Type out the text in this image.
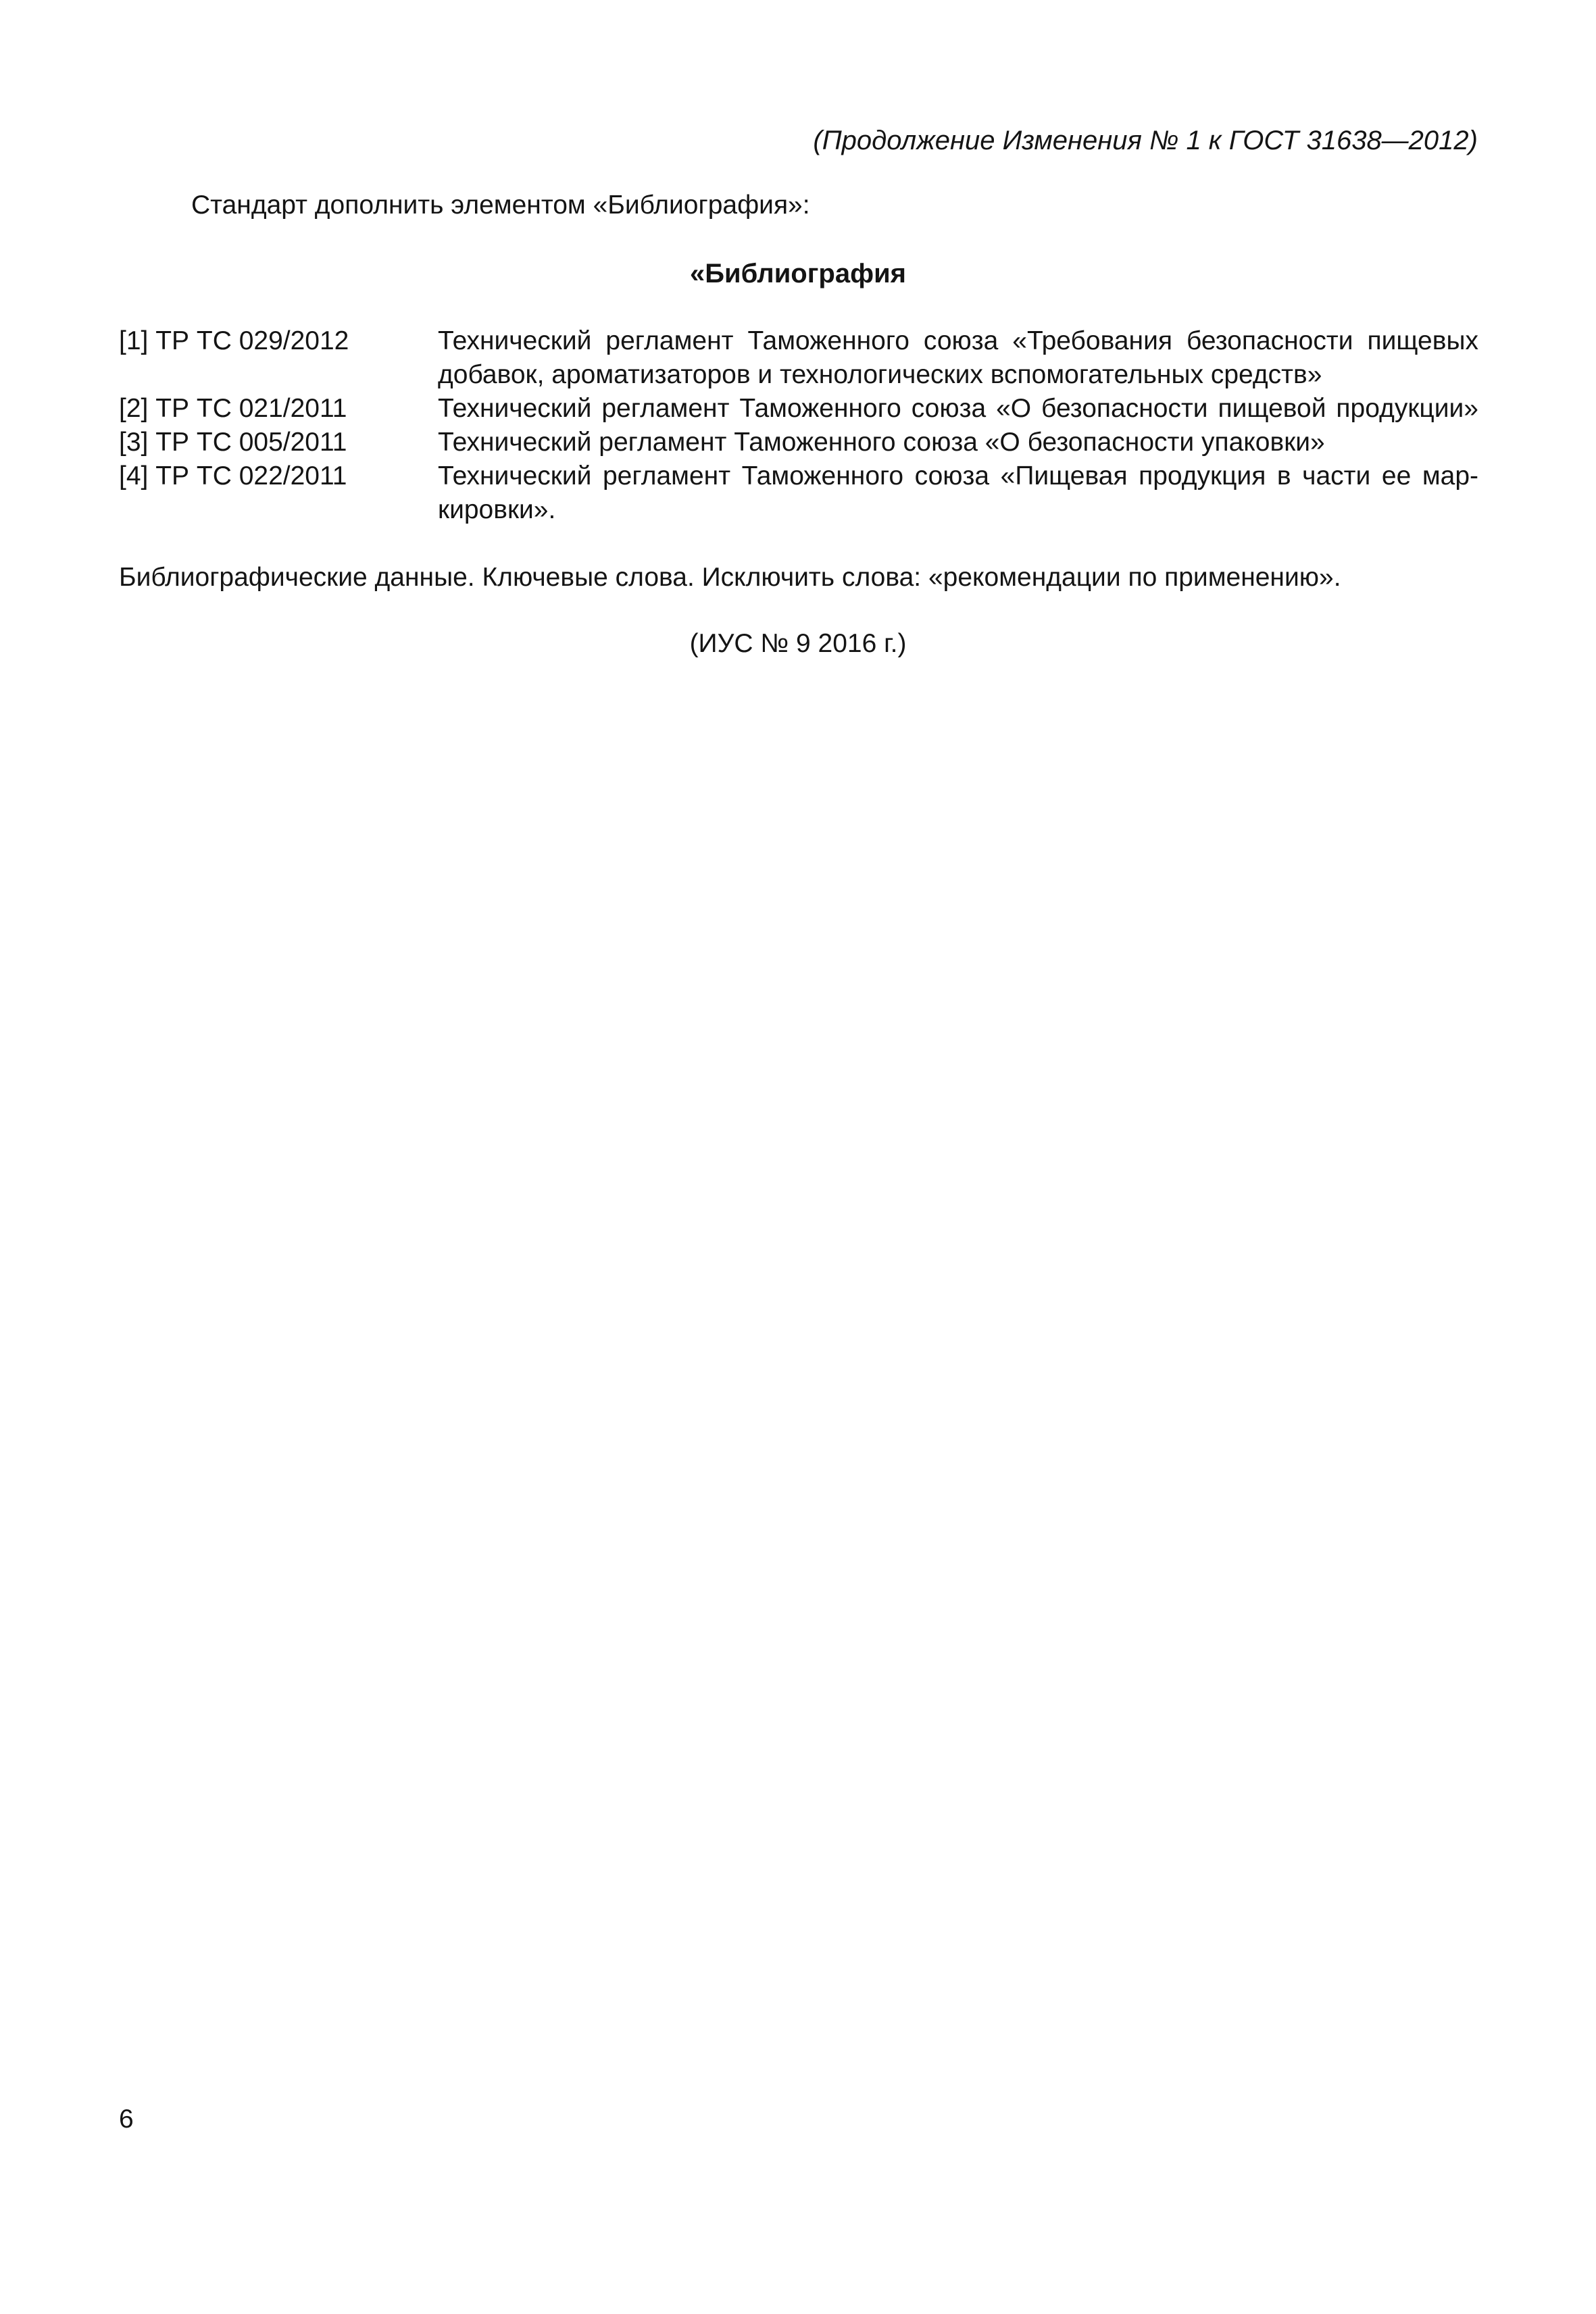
(Продолжение Изменения № 1 к ГОСТ 31638—2012)

Стандарт дополнить элементом «Библиография»:

«Библиография

[1] ТР ТС 029/2012	Технический регламент Таможенного союза «Требования безопасности пищевых
добавок, ароматизаторов и технологических вспомогательных средств»
[2] ТР ТС 021/2011	Технический регламент Таможенного союза «О безопасности пищевой продукции»
[3] ТР ТС 005/2011	Технический регламент Таможенного союза «О безопасности упаковки»
[4] ТР ТС 022/2011	Технический регламент Таможенного союза «Пищевая продукция в части ее мар-
кировки».

Библиографические данные. Ключевые слова. Исключить слова: «рекомендации по применению».

(ИУС № 9 2016 г.)

6
